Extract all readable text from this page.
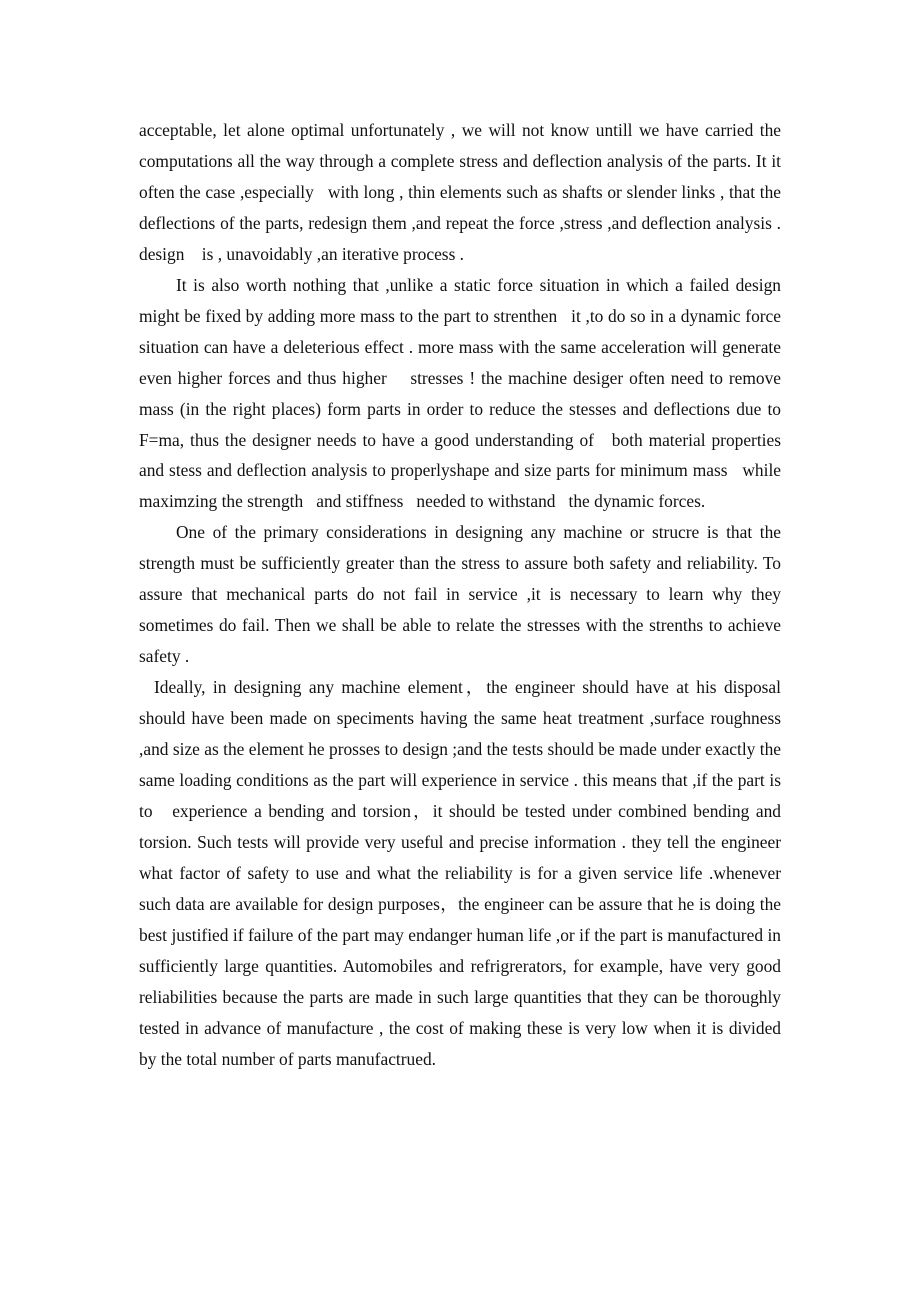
acceptable, let alone optimal unfortunately , we will not know untill we have carried the computations all the way through a complete stress and deflection analysis of the parts. It it often the case ,especially   with long , thin elements such as shafts or slender links , that the deflections of the parts, redesign them ,and repeat the force ,stress ,and deflection analysis .    design    is , unavoidably ,an iterative process .

It is also worth nothing that ,unlike a static force situation in which a failed design might be fixed by adding more mass to the part to strenthen   it ,to do so in a dynamic force situation can have a deleterious effect . more mass with the same acceleration will generate even higher forces and thus higher    stresses ! the machine desiger often need to remove mass (in the right places) form parts in order to reduce the stesses and deflections due to F=ma, thus the designer needs to have a good understanding of   both material properties and stess and deflection analysis to properlyshape and size parts for minimum mass   while maximzing the strength   and stiffness   needed to withstand   the dynamic forces.

One of the primary considerations in designing any machine or strucre is that the strength must be sufficiently greater than the stress to assure both safety and reliability. To assure that mechanical parts do not fail in service ,it is necessary to learn why they sometimes do fail. Then we shall be able to relate the stresses with the strenths to achieve safety .

Ideally, in designing any machine element，the engineer should have at his disposal should have been made on speciments having the same heat treatment ,surface roughness ,and size as the element he prosses to design ;and the tests should be made under exactly the same loading conditions as the part will experience in service . this means that ,if the part is to   experience a bending and torsion，it should be tested under combined bending and torsion. Such tests will provide very useful and precise information . they tell the engineer what factor of safety to use and what the reliability is for a given service life .whenever such data are available for design purposes，the engineer can be assure that he is doing the best justified if failure of the part may endanger human life ,or if the part is manufactured in sufficiently large quantities. Automobiles and refrigrerators, for example, have very good reliabilities because the parts are made in such large quantities that they can be thoroughly tested in advance of manufacture , the cost of making these is very low when it is divided by the total number of parts manufactrued.
